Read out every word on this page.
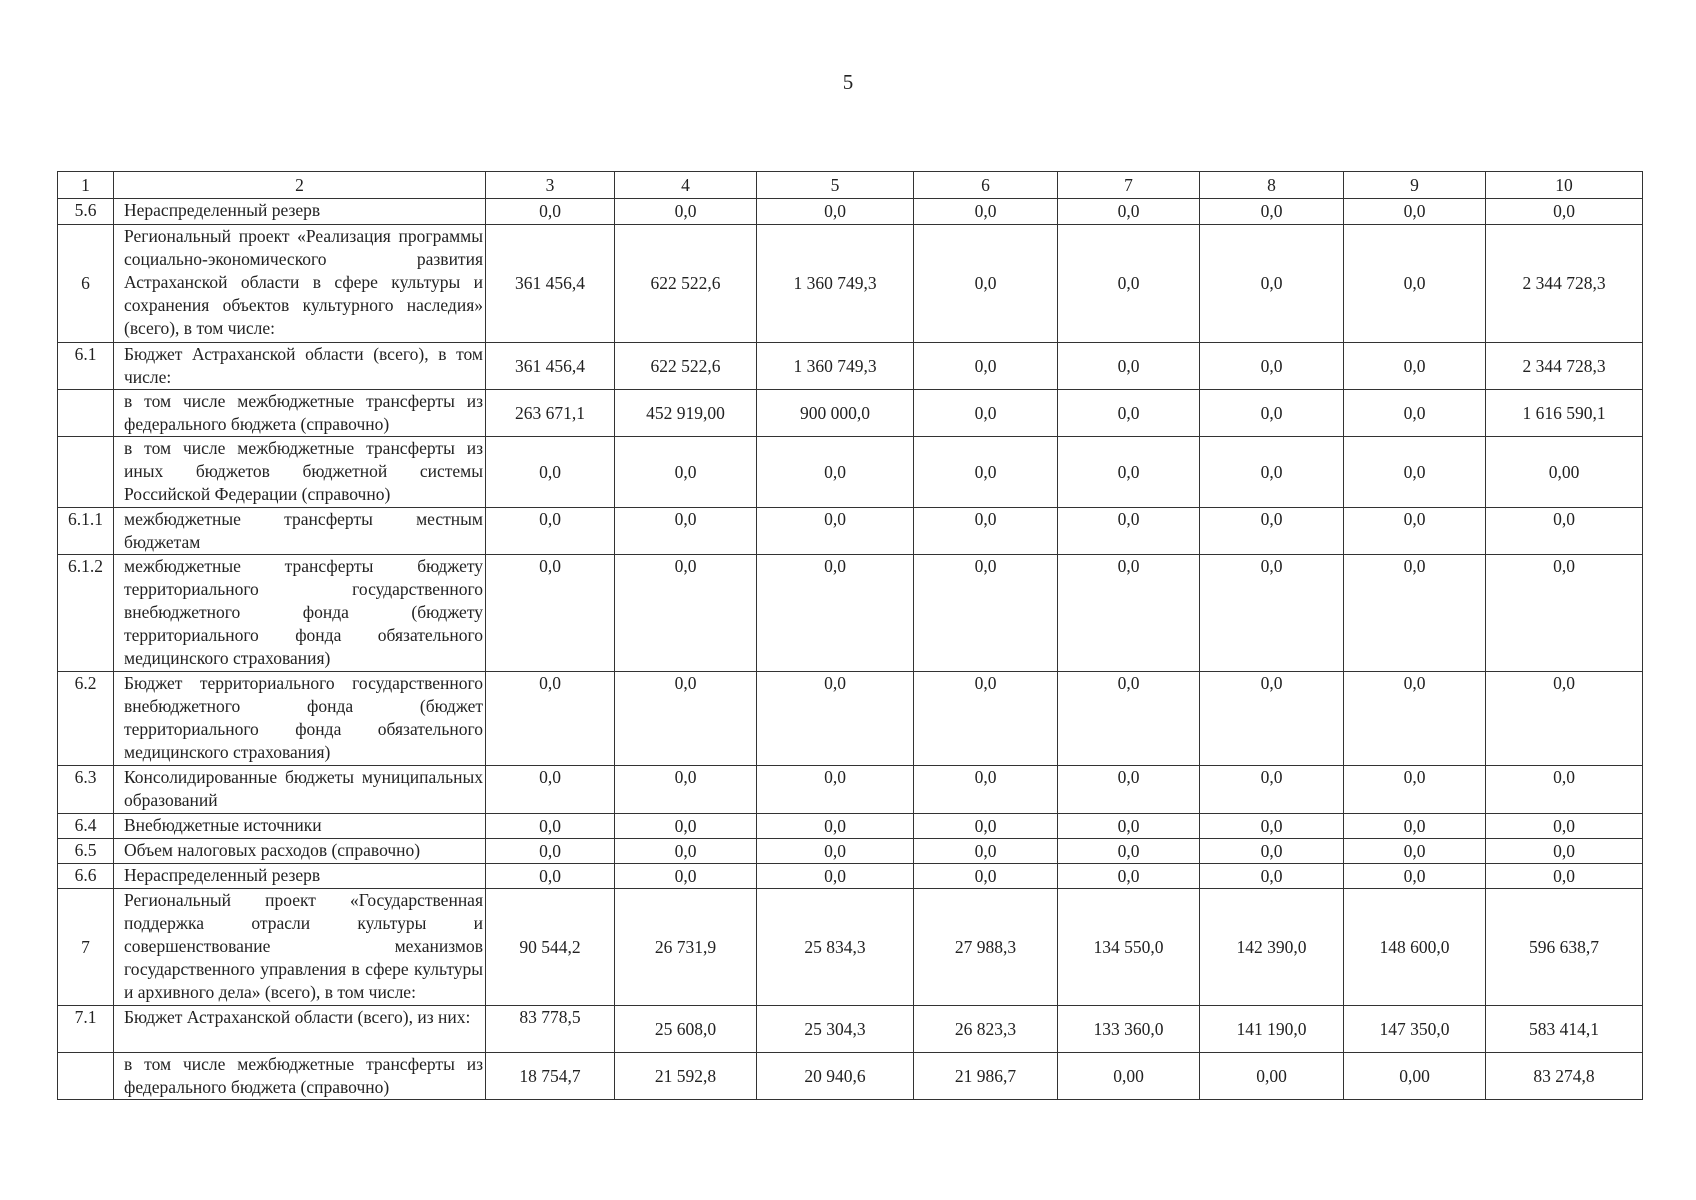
5
1	2	3	4	5	6	7	8	9	10
5.6	Нераспределенный резерв	0,0	0,0	0,0	0,0	0,0	0,0	0,0	0,0
6	Региональный проект «Реализация программы социально-экономического развития Астраханской области в сфере культуры и сохранения объектов культурного наследия» (всего), в том числе:	361 456,4	622 522,6	1 360 749,3	0,0	0,0	0,0	0,0	2 344 728,3
6.1	Бюджет Астраханской области (всего), в том числе:	361 456,4	622 522,6	1 360 749,3	0,0	0,0	0,0	0,0	2 344 728,3
	в том числе межбюджетные трансферты из федерального бюджета (справочно)	263 671,1	452 919,00	900 000,0	0,0	0,0	0,0	0,0	1 616 590,1
	в том числе межбюджетные трансферты из иных бюджетов бюджетной системы Российской Федерации (справочно)	0,0	0,0	0,0	0,0	0,0	0,0	0,0	0,00
6.1.1	межбюджетные трансферты местным бюджетам	0,0	0,0	0,0	0,0	0,0	0,0	0,0	0,0
6.1.2	межбюджетные трансферты бюджету территориального государственного внебюджетного фонда (бюджету территориального фонда обязательного медицинского страхования)	0,0	0,0	0,0	0,0	0,0	0,0	0,0	0,0
6.2	Бюджет территориального государственного внебюджетного фонда (бюджет территориального фонда обязательного медицинского страхования)	0,0	0,0	0,0	0,0	0,0	0,0	0,0	0,0
6.3	Консолидированные бюджеты муниципальных образований	0,0	0,0	0,0	0,0	0,0	0,0	0,0	0,0
6.4	Внебюджетные источники	0,0	0,0	0,0	0,0	0,0	0,0	0,0	0,0
6.5	Объем налоговых расходов (справочно)	0,0	0,0	0,0	0,0	0,0	0,0	0,0	0,0
6.6	Нераспределенный резерв	0,0	0,0	0,0	0,0	0,0	0,0	0,0	0,0
7	Региональный проект «Государственная поддержка отрасли культуры и совершенствование механизмов государственного управления в сфере культуры и архивного дела» (всего), в том числе:	90 544,2	26 731,9	25 834,3	27 988,3	134 550,0	142 390,0	148 600,0	596 638,7
7.1	Бюджет Астраханской области (всего), из них:	83 778,5	25 608,0	25 304,3	26 823,3	133 360,0	141 190,0	147 350,0	583 414,1
	в том числе межбюджетные трансферты из федерального бюджета (справочно)	18 754,7	21 592,8	20 940,6	21 986,7	0,00	0,00	0,00	83 274,8
